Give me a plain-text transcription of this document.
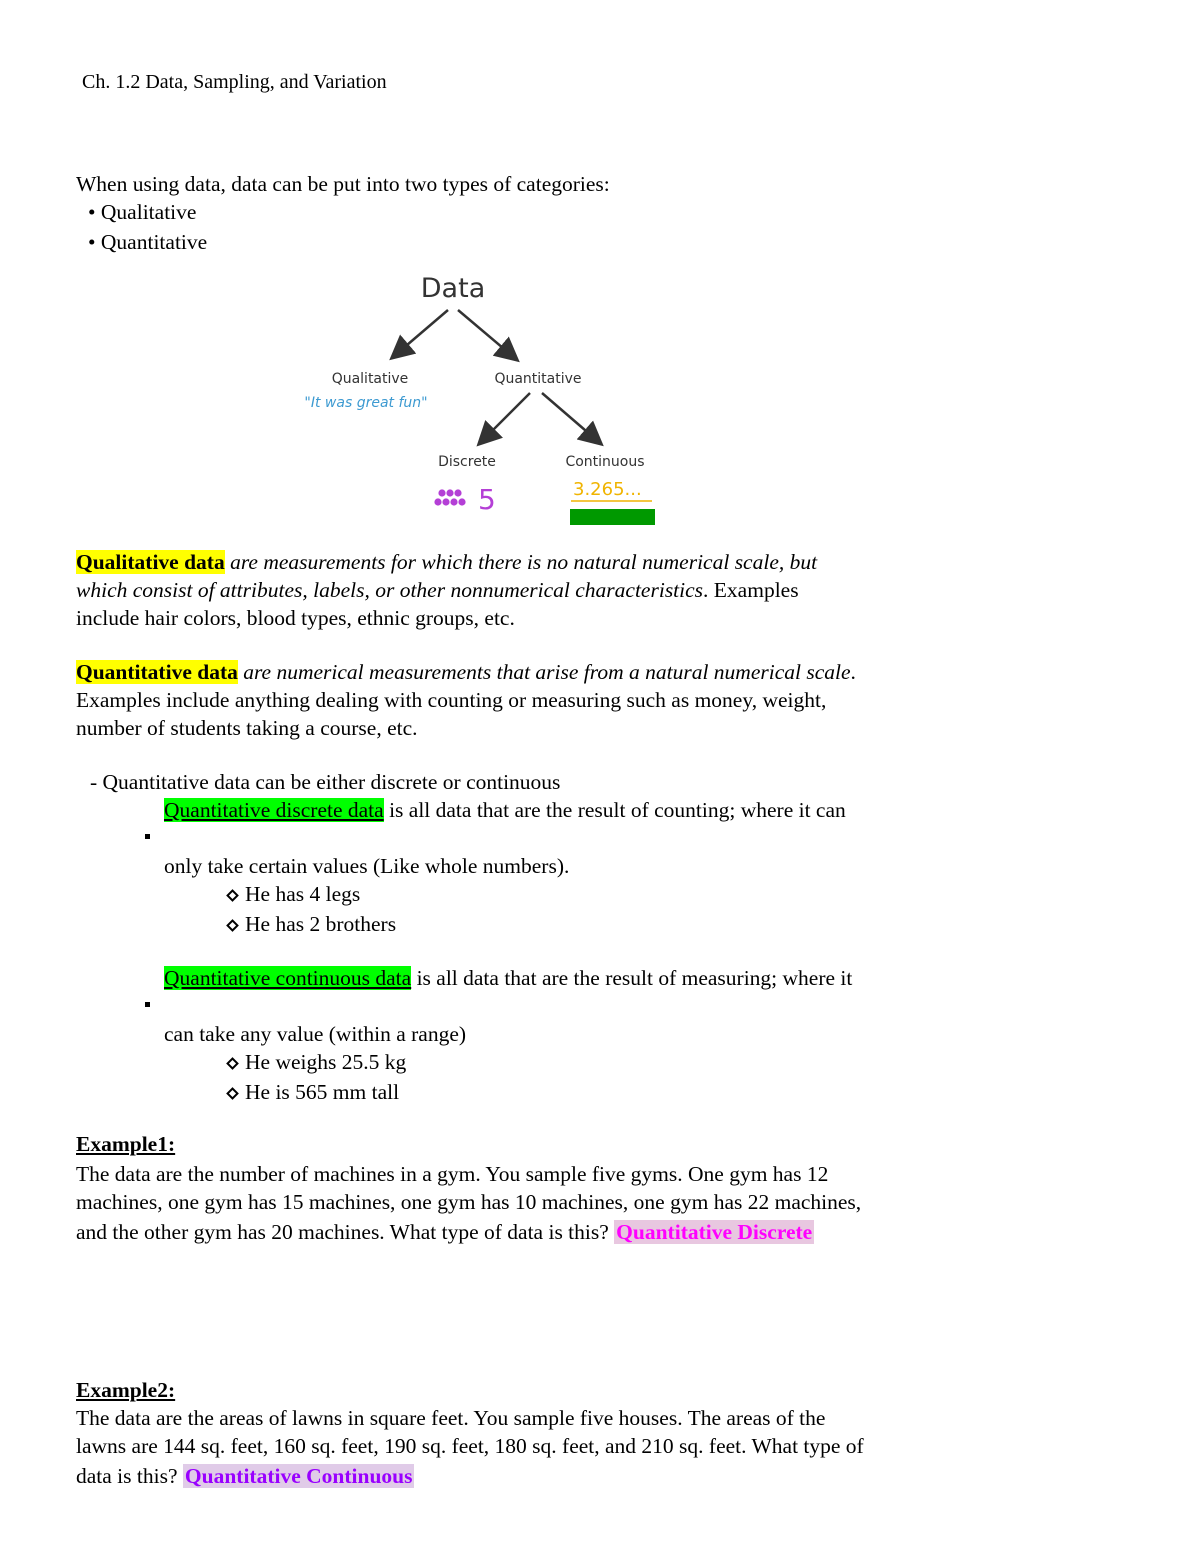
Ch. 1.2 Data, Sampling, and Variation
When using data, data can be put into two types of categories:
• Qualitative
• Quantitative
Data
Qualitative
"It was great fun"
Quantitative
Discrete	Continuous
5	3.265...
Qualitative data are measurements for which there is no natural numerical scale, but
which consist of attributes, labels, or other nonnumerical characteristics. Examples
include hair colors, blood types, ethnic groups, etc.
Quantitative data are numerical measurements that arise from a natural numerical scale.
Examples include anything dealing with counting or measuring such as money, weight,
number of students taking a course, etc.
- Quantitative data can be either discrete or continuous
Quantitative discrete data is all data that are the result of counting; where it can
only take certain values (Like whole numbers).
He has 4 legs
He has 2 brothers
Quantitative continuous data is all data that are the result of measuring; where it
can take any value (within a range)
He weighs 25.5 kg
He is 565 mm tall
Example1:
The data are the number of machines in a gym. You sample five gyms. One gym has 12
machines, one gym has 15 machines, one gym has 10 machines, one gym has 22 machines,
and the other gym has 20 machines. What type of data is this? Quantitative Discrete
Example2:
The data are the areas of lawns in square feet. You sample five houses. The areas of the
lawns are 144 sq. feet, 160 sq. feet, 190 sq. feet, 180 sq. feet, and 210 sq. feet. What type of
data is this? Quantitative Continuous
